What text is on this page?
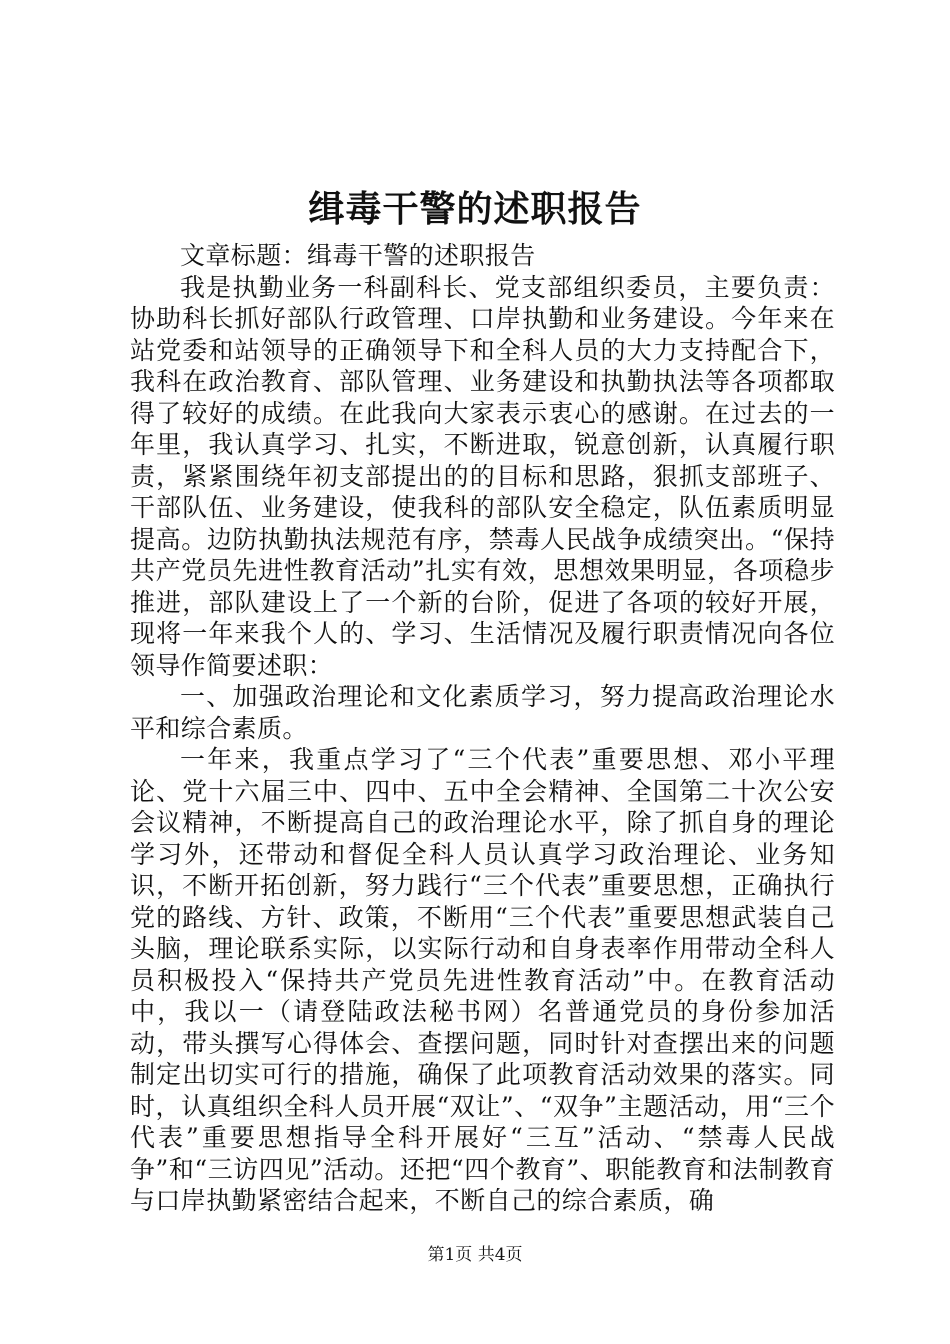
缉毒干警的述职报告

文章标题：缉毒干警的述职报告

我是执勤业务一科副科长、党支部组织委员，主要负责：协助科长抓好部队行政管理、口岸执勤和业务建设。今年来在站党委和站领导的正确领导下和全科人员的大力支持配合下，我科在政治教育、部队管理、业务建设和执勤执法等各项都取得了较好的成绩。在此我向大家表示衷心的感谢。在过去的一年里，我认真学习、扎实，不断进取，锐意创新，认真履行职责，紧紧围绕年初支部提出的的目标和思路，狠抓支部班子、干部队伍、业务建设，使我科的部队安全稳定，队伍素质明显提高。边防执勤执法规范有序，禁毒人民战争成绩突出。“保持共产党员先进性教育活动”扎实有效，思想效果明显，各项稳步推进，部队建设上了一个新的台阶，促进了各项的较好开展，现将一年来我个人的、学习、生活情况及履行职责情况向各位领导作简要述职：

一、加强政治理论和文化素质学习，努力提高政治理论水平和综合素质。

一年来，我重点学习了“三个代表”重要思想、邓小平理论、党十六届三中、四中、五中全会精神、全国第二十次公安会议精神，不断提高自己的政治理论水平，除了抓自身的理论学习外，还带动和督促全科人员认真学习政治理论、业务知识，不断开拓创新，努力践行“三个代表”重要思想，正确执行党的路线、方针、政策，不断用“三个代表”重要思想武装自己头脑，理论联系实际，以实际行动和自身表率作用带动全科人员积极投入“保持共产党员先进性教育活动”中。在教育活动中，我以一（请登陆政法秘书网）名普通党员的身份参加活动，带头撰写心得体会、查摆问题，同时针对查摆出来的问题制定出切实可行的措施，确保了此项教育活动效果的落实。同时，认真组织全科人员开展“双让”、“双争”主题活动，用“三个代表”重要思想指导全科开展好“三互”活动、“禁毒人民战争”和“三访四见”活动。还把“四个教育”、职能教育和法制教育与口岸执勤紧密结合起来，不断自己的综合素质，确

第1页 共4页
